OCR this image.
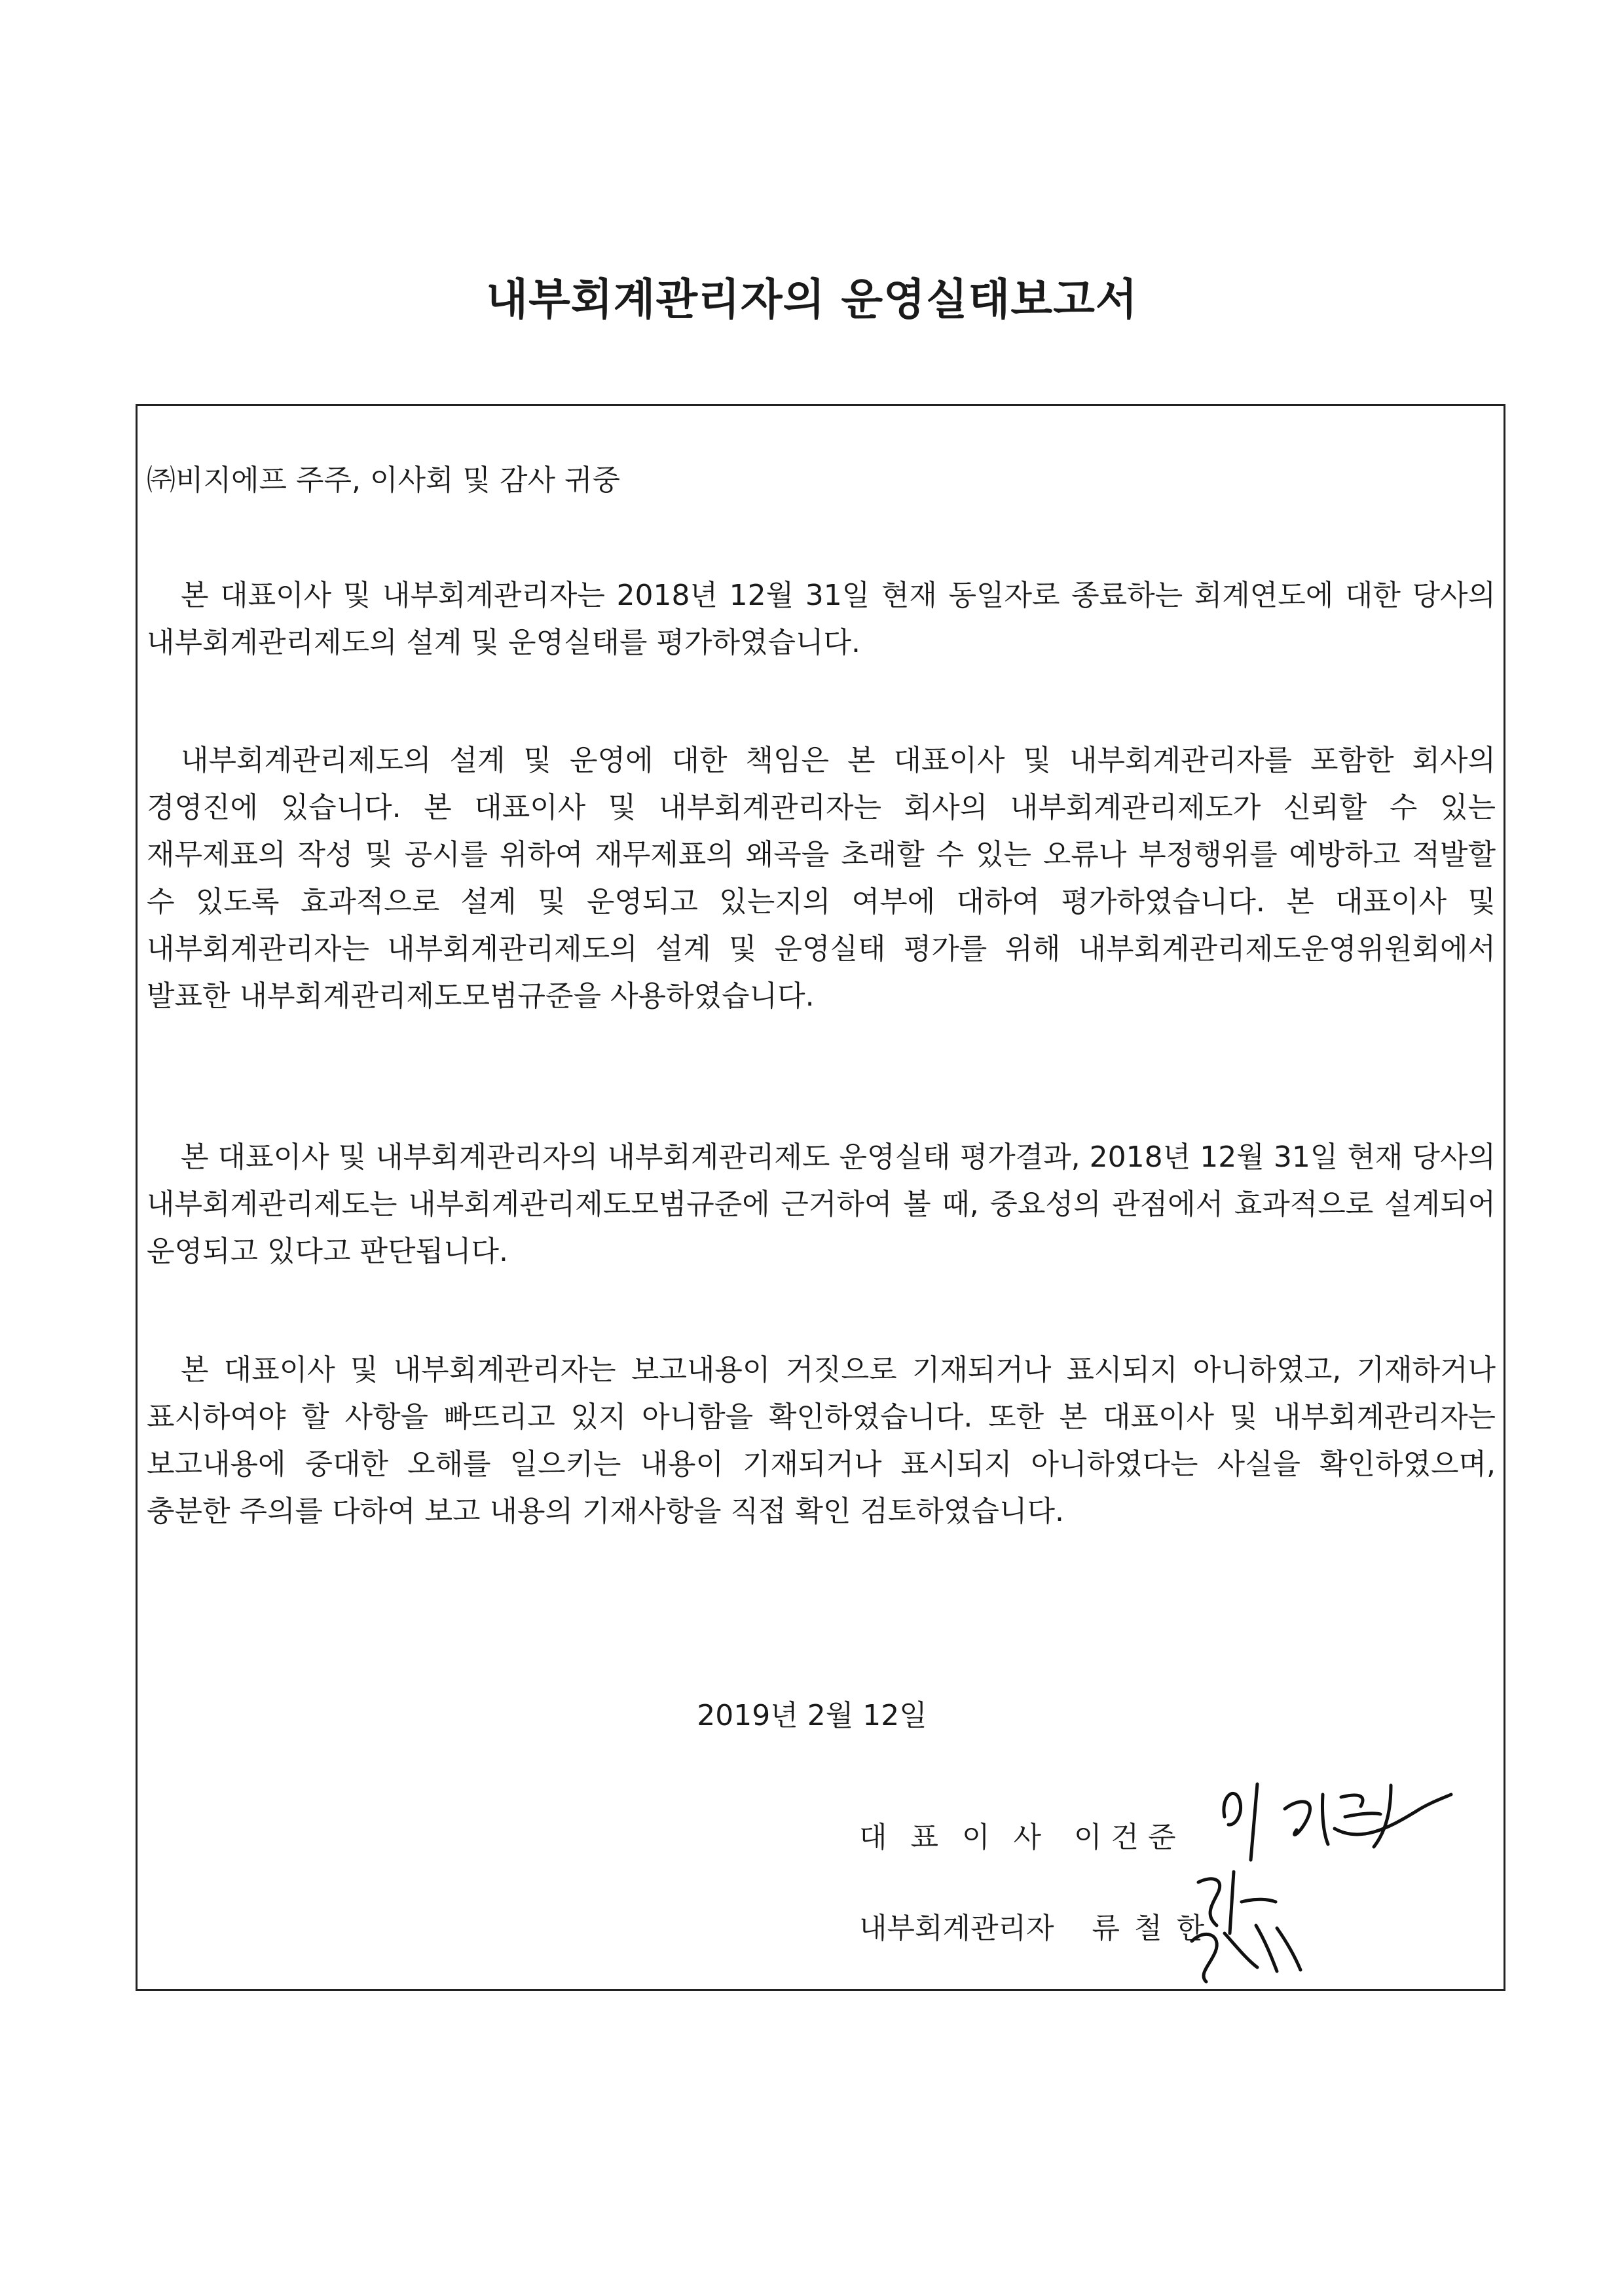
내부회계관리자의 운영실태보고서

㈜비지에프 주주, 이사회 및 감사 귀중

본 대표이사 및 내부회계관리자는 2018년 12월 31일 현재 동일자로 종료하는 회계연도에 대한 당사의 내부회계관리제도의 설계 및 운영실태를 평가하였습니다.

내부회계관리제도의 설계 및 운영에 대한 책임은 본 대표이사 및 내부회계관리자를 포함한 회사의 경영진에 있습니다. 본 대표이사 및 내부회계관리자는 회사의 내부회계관리제도가 신뢰할 수 있는 재무제표의 작성 및 공시를 위하여 재무제표의 왜곡을 초래할 수 있는 오류나 부정행위를 예방하고 적발할 수 있도록 효과적으로 설계 및 운영되고 있는지의 여부에 대하여 평가하였습니다. 본 대표이사 및 내부회계관리자는 내부회계관리제도의 설계 및 운영실태 평가를 위해 내부회계관리제도운영위원회에서 발표한 내부회계관리제도모범규준을 사용하였습니다.

본 대표이사 및 내부회계관리자의 내부회계관리제도 운영실태 평가결과, 2018년 12월 31일 현재 당사의 내부회계관리제도는 내부회계관리제도모범규준에 근거하여 볼 때, 중요성의 관점에서 효과적으로 설계되어 운영되고 있다고 판단됩니다.

본 대표이사 및 내부회계관리자는 보고내용이 거짓으로 기재되거나 표시되지 아니하였고, 기재하거나 표시하여야 할 사항을 빠뜨리고 있지 아니함을 확인하였습니다. 또한 본 대표이사 및 내부회계관리자는 보고내용에 중대한 오해를 일으키는 내용이 기재되거나 표시되지 아니하였다는 사실을 확인하였으며, 충분한 주의를 다하여 보고 내용의 기재사항을 직접 확인 검토하였습니다.

2019년 2월 12일

대표이사 이건준

내부회계관리자 류철한
